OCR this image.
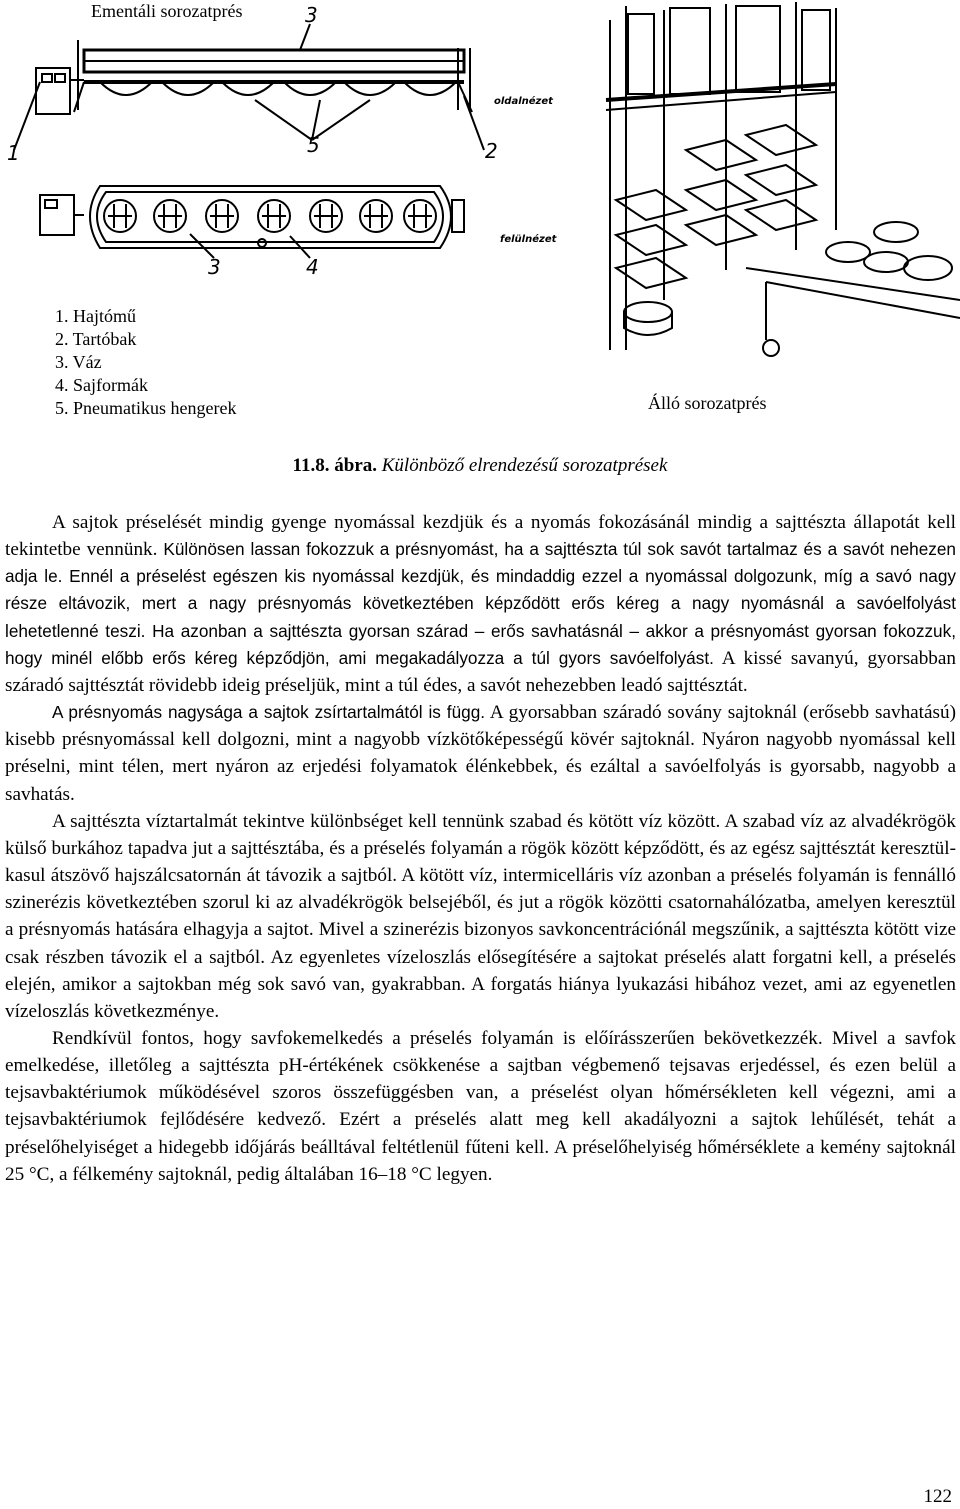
Ementáli sorozatprés
Álló sorozatprés
3
1	2
5
3	4
oldalnézet
felülnézet
1. Hajtómű
2. Tartóbak
3. Váz
4. Sajformák
5. Pneumatikus hengerek
11.8. ábra. Különböző elrendezésű sorozatprések

A sajtok préselését mindig gyenge nyomással kezdjük és a nyomás fokozásánál mindig a sajttészta állapotát kell tekintetbe vennünk. Különösen lassan fokozzuk a présnyomást, ha a sajttészta túl sok savót tartalmaz és a savót nehezen adja le. Ennél a préselést egészen kis nyomással kezdjük, és mindaddig ezzel a nyomással dolgozunk, míg a savó nagy része eltávozik, mert a nagy présnyomás következtében képződött erős kéreg a nagy nyomásnál a savóelfolyást lehetetlenné teszi. Ha azonban a sajttészta gyorsan szárad – erős savhatásnál – akkor a présnyomást gyorsan fokozzuk, hogy minél előbb erős kéreg képződjön, ami megakadályozza a túl gyors savóelfolyást. A kissé savanyú, gyorsabban száradó sajttésztát rövidebb ideig préseljük, mint a túl édes, a savót nehezebben leadó sajttésztát.

A présnyomás nagysága a sajtok zsírtartalmától is függ. A gyorsabban száradó sovány sajtoknál (erősebb savhatású) kisebb présnyomással kell dolgozni, mint a nagyobb vízkötőképességű kövér sajtoknál. Nyáron nagyobb nyomással kell préselni, mint télen, mert nyáron az erjedési folyamatok élénkebbek, és ezáltal a savóelfolyás is gyorsabb, nagyobb a savhatás.

A sajttészta víztartalmát tekintve különbséget kell tennünk szabad és kötött víz között. A szabad víz az alvadékrögök külső burkához tapadva jut a sajttésztába, és a préselés folyamán a rögök között képződött, és az egész sajttésztát keresztül-kasul átszövő hajszálcsatornán át távozik a sajtból. A kötött víz, intermicelláris víz azonban a préselés folyamán is fennálló szinerézis következtében szorul ki az alvadékrögök belsejéből, és jut a rögök közötti csatornahálózatba, amelyen keresztül a présnyomás hatására elhagyja a sajtot. Mivel a szinerézis bizonyos savkoncentrációnál megszűnik, a sajttészta kötött vize csak részben távozik el a sajtból. Az egyenletes vízeloszlás elősegítésére a sajtokat préselés alatt forgatni kell, a préselés elején, amikor a sajtokban még sok savó van, gyakrabban. A forgatás hiánya lyukazási hibához vezet, ami az egyenetlen vízeloszlás következménye.

Rendkívül fontos, hogy savfokemelkedés a préselés folyamán is előírásszerűen bekövetkezzék. Mivel a savfok emelkedése, illetőleg a sajttészta pH-értékének csökkenése a sajtban végbemenő tejsavas erjedéssel, és ezen belül a tejsavbaktériumok működésével szoros összefüggésben van, a préselést olyan hőmérsékleten kell végezni, ami a tejsavbaktériumok fejlődésére kedvező. Ezért a préselés alatt meg kell akadályozni a sajtok lehűlését, tehát a préselőhelyiséget a hidegebb időjárás beálltával feltétlenül fűteni kell. A préselőhelyiség hőmérséklete a kemény sajtoknál 25 °C, a félkemény sajtoknál, pedig általában 16–18 °C legyen.

122
